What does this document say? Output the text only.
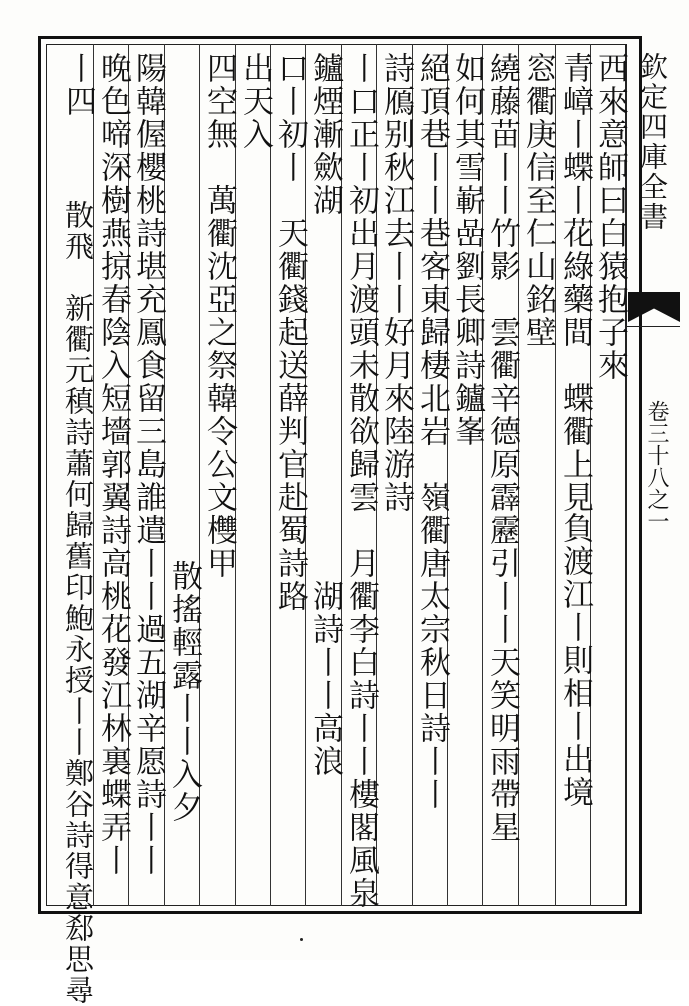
欽定四庫全書
卷三十八之一
西來意師曰白猿抱子來
青嶂丨蝶丨花綠藥間　蝶衢上見
負渡江丨則相丨出境
窓衢庚信至仁山銘壁
繞藤苗丨丨竹影　雲衢辛德原霹靂引丨丨天笑明雨帶星
如何其雪嶄嵒劉長卿詩鑪峯
絕頂巷丨丨巷客東歸棲北岩　嶺衢唐太宗秋日詩丨丨
詩鴈别秋江去丨丨好月來陸游詩
丨口正丨初出月渡頭未散欲歸雲　月衢李白詩丨丨樓閣風泉
鑪煙漸歛湖
湖詩丨丨高浪
口丨初丨　天衢錢起送薛判官赴蜀詩路
出天入
四空無　萬衢沈亞之祭韓令公文欆甲
散搖輕露丨丨入夕
陽韓偓櫻桃詩堪充鳳食留三島誰遣丨丨過五湖辛愿詩丨丨
晚色啼深樹燕掠春陰入短墻郭翼詩高桃花發江林裏蝶弄丨
丨四
散飛　新衢元稹詩蕭何歸舊印鮑永授丨丨鄭谷詩得意郄思尋
